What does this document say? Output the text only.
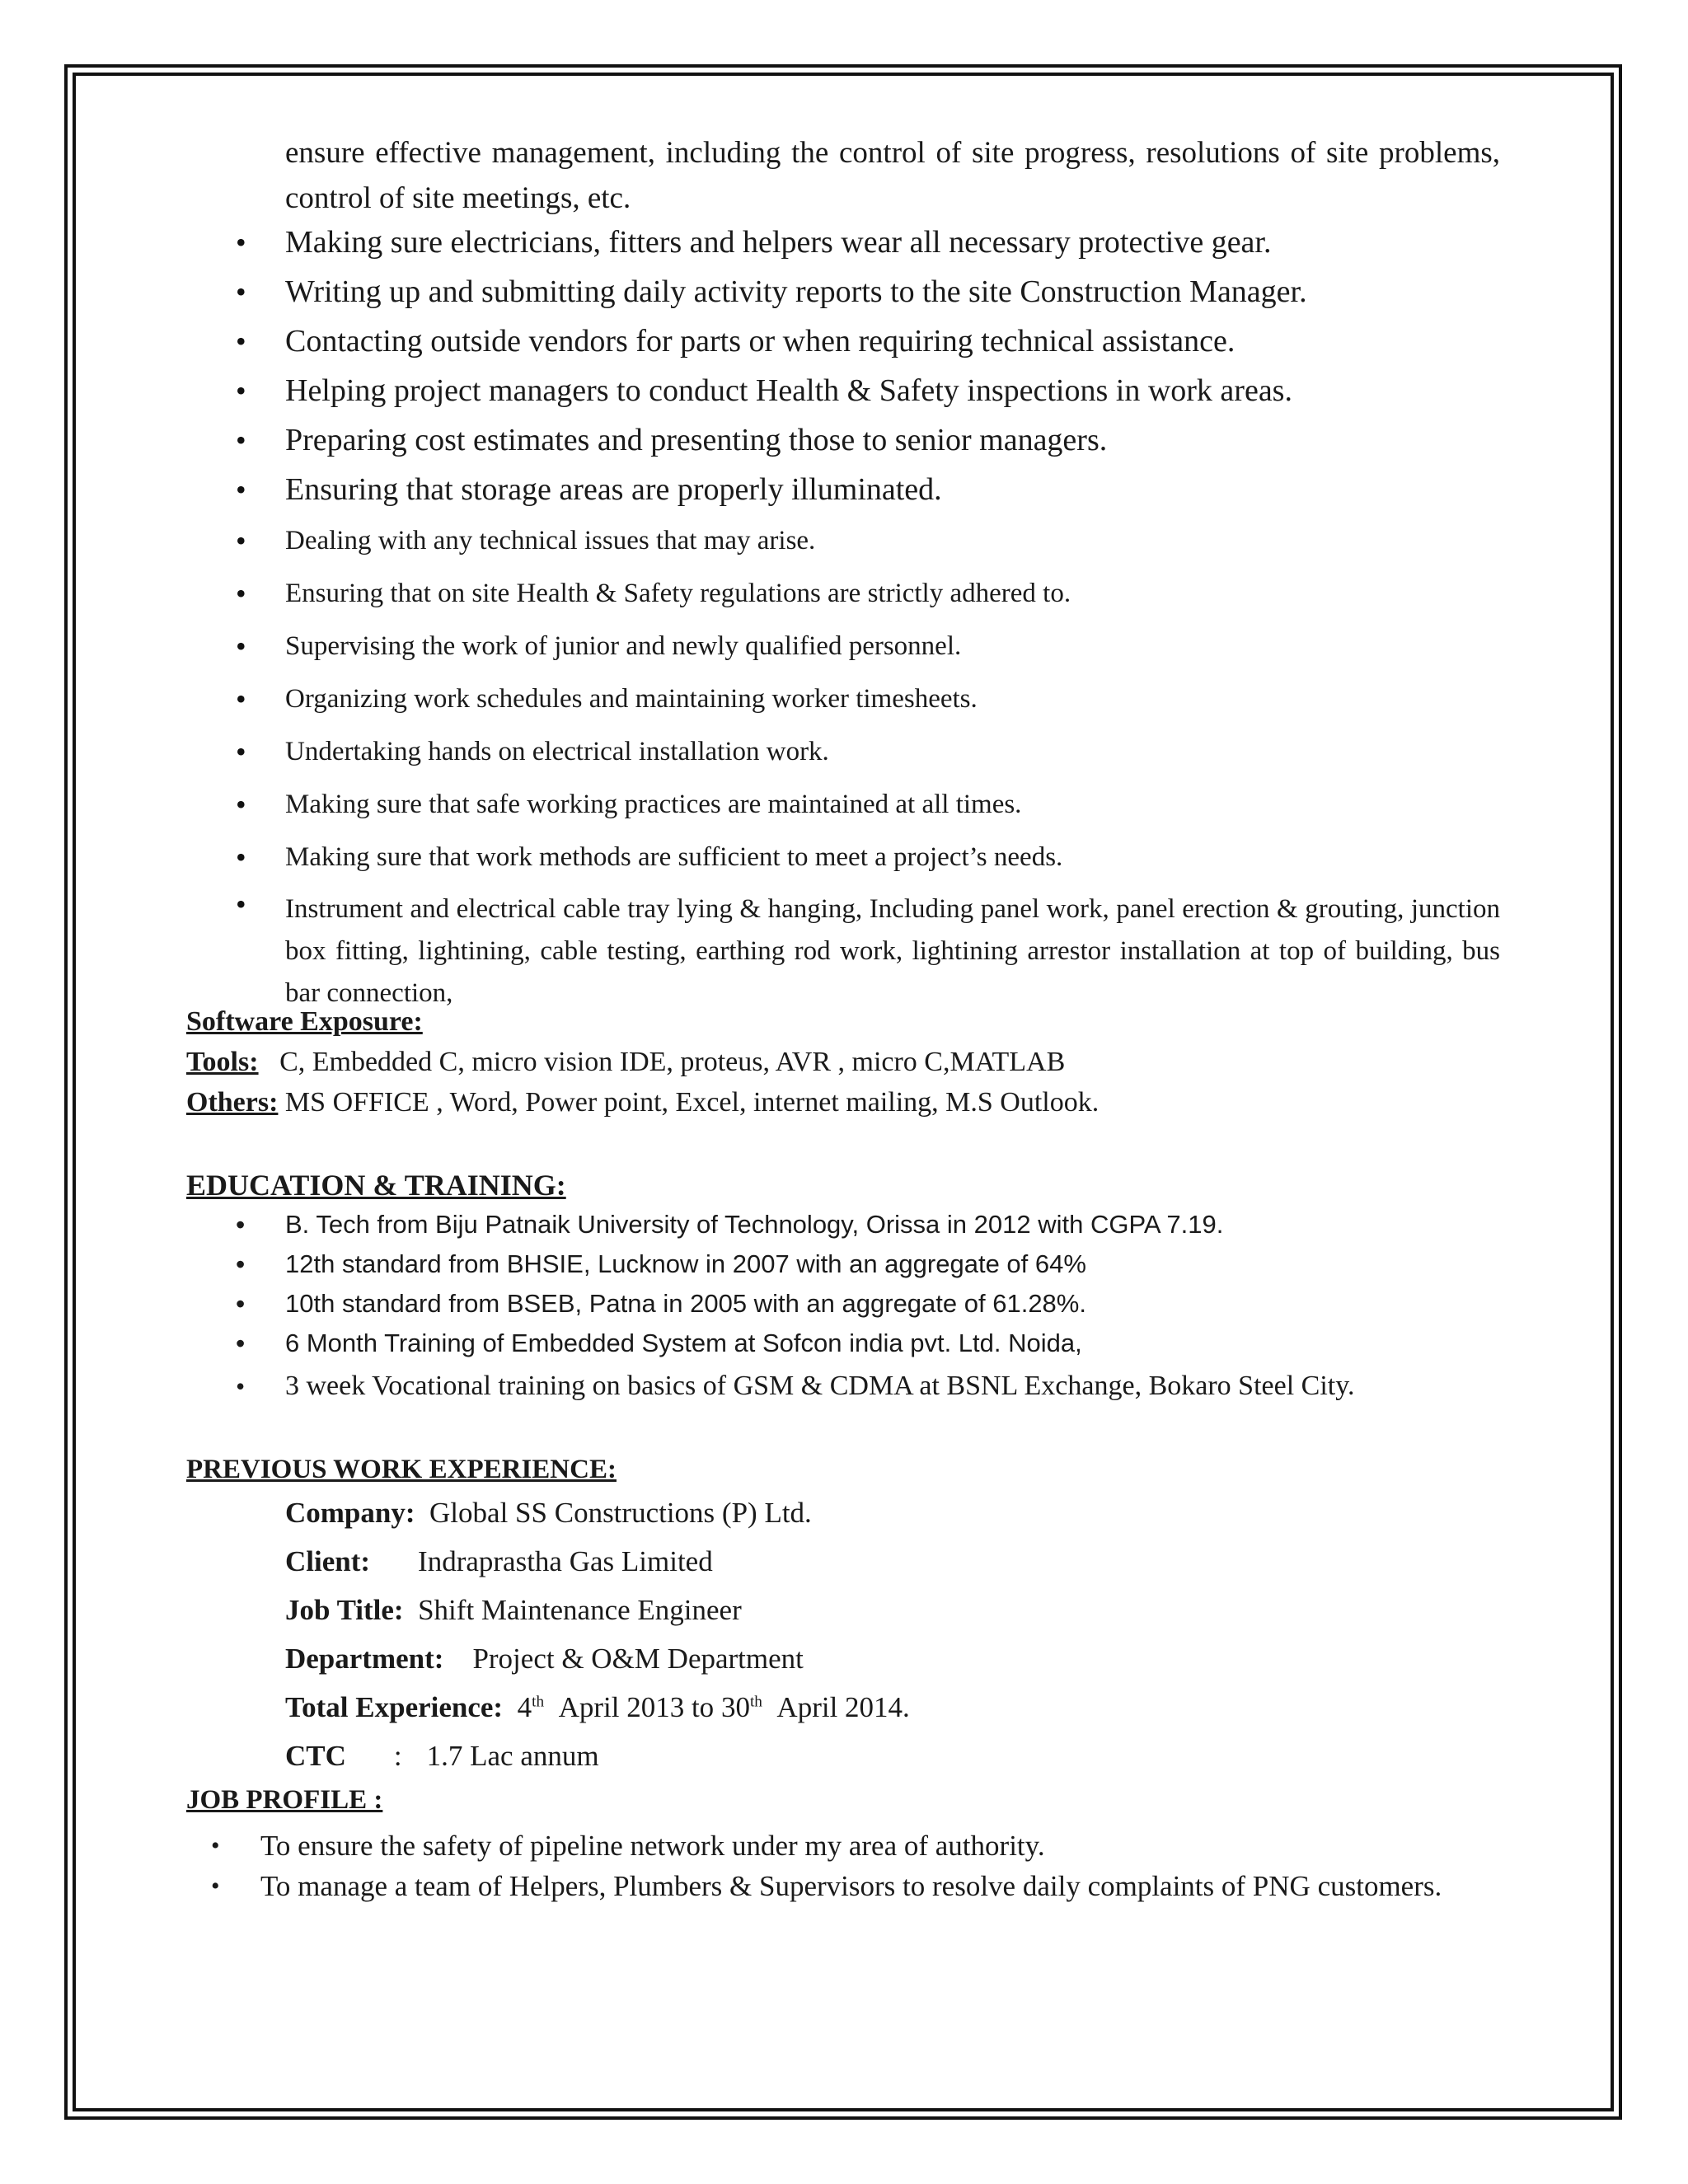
ensure effective management, including the control of site progress, resolutions of site problems, control of site meetings, etc.
• Making sure electricians, fitters and helpers wear all necessary protective gear.
• Writing up and submitting daily activity reports to the site Construction Manager.
• Contacting outside vendors for parts or when requiring technical assistance.
• Helping project managers to conduct Health & Safety inspections in work areas.
• Preparing cost estimates and presenting those to senior managers.
• Ensuring that storage areas are properly illuminated.
• Dealing with any technical issues that may arise.
• Ensuring that on site Health & Safety regulations are strictly adhered to.
• Supervising the work of junior and newly qualified personnel.
• Organizing work schedules and maintaining worker timesheets.
• Undertaking hands on electrical installation work.
• Making sure that safe working practices are maintained at all times.
• Making sure that work methods are sufficient to meet a project’s needs.
• Instrument and electrical cable tray lying & hanging, Including panel work, panel erection & grouting, junction box fitting, lightining, cable testing, earthing rod work, lightining arrestor installation at top of building, bus bar connection,
Software Exposure:
Tools: C, Embedded C, micro vision IDE, proteus, AVR , micro C,MATLAB
Others: MS OFFICE , Word, Power point, Excel, internet mailing, M.S Outlook.
EDUCATION & TRAINING:
• B. Tech from Biju Patnaik University of Technology, Orissa in 2012 with CGPA 7.19.
• 12th standard from BHSIE, Lucknow in 2007 with an aggregate of 64%
• 10th standard from BSEB, Patna in 2005 with an aggregate of 61.28%.
• 6 Month Training of Embedded System at Sofcon india pvt. Ltd. Noida,
• 3 week Vocational training on basics of GSM & CDMA at BSNL Exchange, Bokaro Steel City.
PREVIOUS WORK EXPERIENCE:
Company: Global SS Constructions (P) Ltd.
Client: Indraprastha Gas Limited
Job Title: Shift Maintenance Engineer
Department: Project & O&M Department
Total Experience: 4th April 2013 to 30th April 2014.
CTC : 1.7 Lac annum
JOB PROFILE :
• To ensure the safety of pipeline network under my area of authority.
• To manage a team of Helpers, Plumbers & Supervisors to resolve daily complaints of PNG customers.
